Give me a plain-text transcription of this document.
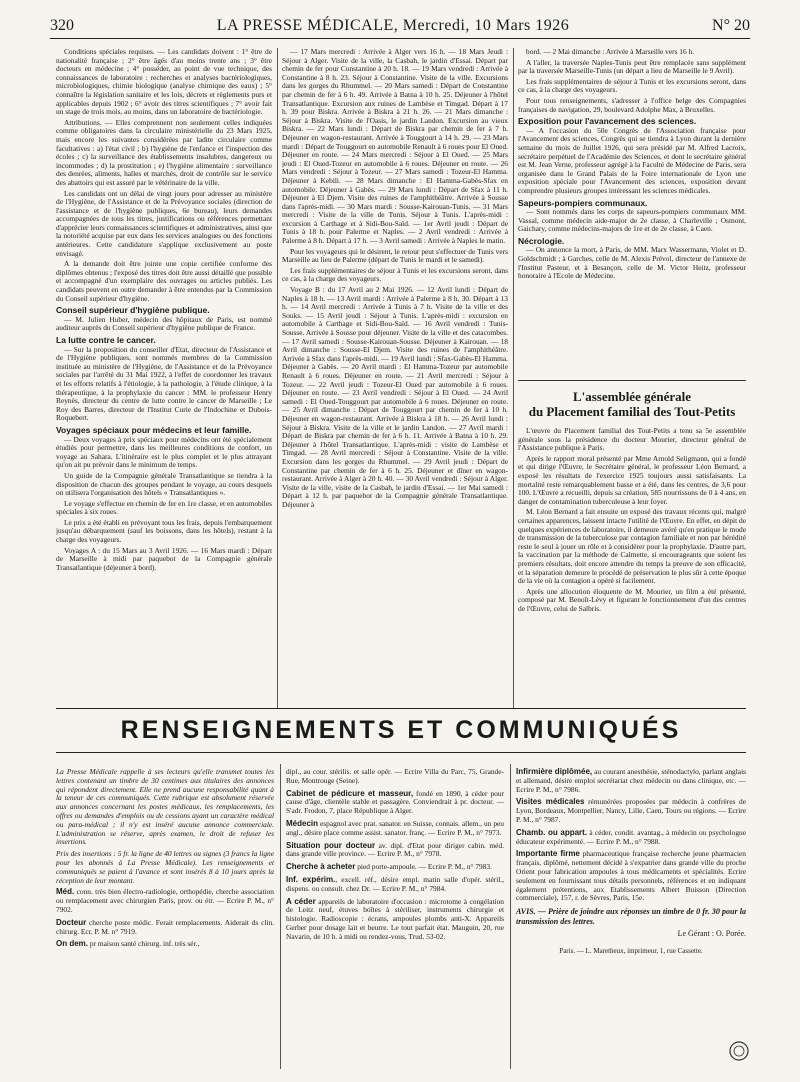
320	LA PRESSE MÉDICALE, Mercredi, 10 Mars 1926	N° 20

Conditions spéciales requises. — Les candidats doivent : 1° être de nationalité française ; 2° être âgés d'au moins trente ans ; 3° être docteurs en médecine ; 4° posséder, au point de vue technique, des connaissances de laboratoire : recherches et analyses bactériologiques, microbiologiques, chimie biologique (analyse chimique des eaux) ; 5° connaître la législation sanitaire et les lois, décrets et règlements purs et applicables depuis 1902 ; 6° avoir des titres scientifiques ; 7° avoir fait un stage de trois mois, au moins, dans un laboratoire de bactériologie.

Attributions. — Elles comprennent non seulement celles indiquées comme obligatoires dans la circulaire ministérielle du 23 Mars 1925, mais encore les suivantes considérées par ladite circulaire comme facultatives : a) l'état civil ; b) l'hygiène de l'enfance et l'inspection des écoles ; c) la surveillance des établissements insalubres, dangereux ou incommodes ; d) la prostitution ; e) l'hygiène alimentaire : surveillance des denrées, aliments, halles et marchés, droit de contrôle sur le service des abattoirs qui est assuré par le vétérinaire de la ville.

Les candidats ont un délai de vingt jours pour adresser au ministère de l'Hygiène, de l'Assistance et de la Prévoyance sociales (direction de l'assistance et de l'hygiène publiques, 6e bureau), leurs demandes accompagnées de tous les titres, justifications ou références permettant d'apprécier leurs connaissances scientifiques et administratives, ainsi que la notoriété acquise par eux dans les services analogues ou des fonctions antérieures. Cette candidature s'applique exclusivement au poste envisagé.

A la demande doit être jointe une copie certifiée conforme des diplômes obtenus ; l'exposé des titres doit être aussi détaillé que possible et accompagné d'un exemplaire des ouvrages ou articles publiés. Les candidats peuvent en outre demander à être entendus par la Commission du Conseil supérieur d'hygiène.

Conseil supérieur d'hygiène publique.

— M. Julien Huber, médecin des hôpitaux de Paris, est nommé auditeur auprès du Conseil supérieur d'hygiène publique de France.

La lutte contre le cancer.

— Sur la proposition du conseiller d'Etat, directeur de l'Assistance et de l'Hygiène publiques, sont nommés membres de la Commission instituée au ministère de l'Hygiène, de l'Assistance et de la Prévoyance sociales par l'arrêté du 31 Mai 1922, à l'effet de coordonner les travaux et les efforts relatifs à l'étiologie, à la pathologie, à l'étude clinique, à la thérapeutique, à la prophylaxie du cancer : MM. le professeur Henry Reynès, directeur du centre de lutte contre le cancer de Marseille ; Le Roy des Barres, directeur de l'Institut Curie de l'Indochine et Dubois-Roquebert.

Voyages spéciaux pour médecins et leur famille.

— Deux voyages à prix spéciaux pour médecins ont été spécialement étudiés pour permettre, dans les meilleures conditions de confort, un voyage au Sahara. L'itinéraire est le plus complet et le plus attrayant qu'on ait pu prévoir dans le minimum de temps.

Un guide de la Compagnie générale Transatlantique se tiendra à la disposition de chacun des groupes pendant le voyage, au cours desquels on utilisera l'organisation des hôtels « Transatlantiques ».

Le voyage s'effectue en chemin de fer en 1re classe, et en automobiles spéciales à six roues.

Le prix a été établi en prévoyant tous les frais, depuis l'embarquement jusqu'au débarquement (sauf les boissons, dans les hôtels), restant à la charge des voyageurs.

Voyages A : du 15 Mars au 3 Avril 1926. — 16 Mars mardi : Départ de Marseille à midi par paquebot de la Compagnie générale Transatlantique (déjeuner à bord).

— 17 Mars mercredi : Arrivée à Alger vers 16 h. — 18 Mars Jeudi : Séjour à Alger. Visite de la ville, la Casbah, le jardin d'Essai. Départ par chemin de fer pour Constantine à 20 h. 18. — 19 Mars vendredi : Arrivée à Constantine à 8 h. 23. Séjour à Constantine. Visite de la ville. Excursions dans les gorges du Rhummel. — 20 Mars samedi : Départ de Constantine par chemin de fer à 6 h. 49. Arrivée à Batna à 10 h. 25. Déjeuner à l'hôtel Transatlantique. Excursion aux ruines de Lambèse et Timgad. Départ à 17 h. 39 pour Biskra. Arrivée à Biskra à 21 h. 26. — 21 Mars dimanche : Séjour à Biskra. Visite de l'Oasis, le jardin Landon. Excursion au vieux Biskra. — 22 Mars lundi : Départ de Biskra par chemin de fer à 7 h. Déjeuner en wagon-restaurant. Arrivée à Touggourt à 14 h. 29. — 23 Mars mardi : Départ de Touggourt en automobile Renault à 6 roues pour El Oued. Déjeuner en route. — 24 Mars mercredi : Séjour à El Oued. — 25 Mars jeudi : El Oued-Tozeur en automobile à 6 roues. Déjeuner en route. — 26 Mars vendredi : Séjour à Tozeur. — 27 Mars samedi : Tozeur-El Hamma. Déjeuner à Kebili. — 28 Mars dimanche : El Hamma-Gabès-Sfax en automobile. Déjeuner à Gabès. — 29 Mars lundi : Départ de Sfax à 11 h. Déjeuner à El Djem. Visite des ruines de l'amphithéâtre. Arrivée à Sousse dans l'après-midi. — 30 Mars mardi : Sousse-Kairouan-Tunis. — 31 Mars mercredi : Visite de la ville de Tunis. Séjour à Tunis. L'après-midi : excursion à Carthage et à Sidi-Bou-Saïd. — 1er Avril jeudi : Départ de Tunis à 18 h. pour Palerme et Naples. — 2 Avril vendredi : Arrivée à Palerme à 8 h. Départ à 17 h. — 3 Avril samedi : Arrivée à Naples le matin.

Pour les voyageurs qui le désirent, le retour peut s'effectuer de Tunis vers Marseille au lieu de Palerme (départ de Tunis le mardi et le samedi).

Les frais supplémentaires de séjour à Tunis et les excursions seront, dans ce cas, à la charge des voyageurs.

Voyage B : du 17 Avril au 2 Mai 1926. — 12 Avril lundi : Départ de Naples à 18 h. — 13 Avril mardi : Arrivée à Palerme à 8 h. 30. Départ à 13 h. — 14 Avril mercredi : Arrivée à Tunis à 7 h. Visite de la ville et des Souks. — 15 Avril jeudi : Séjour à Tunis. L'après-midi : excursion en automobile à Carthage et Sidi-Bou-Saïd. — 16 Avril vendredi : Tunis-Sousse. Arrivée à Sousse pour déjeuner. Visite de la ville et des catacombes. — 17 Avril samedi : Sousse-Kairouan-Sousse. Déjeuner à Kairouan. — 18 Avril dimanche : Sousse-El Djem. Visite des ruines de l'amphithéâtre. Arrivée à Sfax dans l'après-midi. — 19 Avril lundi : Sfax-Gabès-El Hamma. Déjeuner à Gabès. — 20 Avril mardi : El Hamma-Tozeur par automobile Renault à 6 roues. Déjeuner en route. — 21 Avril mercredi : Séjour à Tozeur. — 22 Avril jeudi : Tozeur-El Oued par automobile à 6 roues. Déjeuner en route. — 23 Avril vendredi : Séjour à El Oued. — 24 Avril samedi : El Oued-Touggourt par automobile à 6 roues. Déjeuner en route. — 25 Avril dimanche : Départ de Touggourt par chemin de fer à 10 h. Déjeuner en wagon-restaurant. Arrivée à Biskra à 18 h. — 26 Avril lundi : Séjour à Biskra. Visite de la ville et le jardin Landon. — 27 Avril mardi : Départ de Biskra par chemin de fer à 6 h. 11. Arrivée à Batna à 10 h. 29. Déjeuner à l'hôtel Transatlantique. L'après-midi : visite de Lambèse et Timgad. — 28 Avril mercredi : Séjour à Constantine. Visite de la ville. Excursion dans les gorges du Rhummel. — 29 Avril jeudi : Départ de Constantine par chemin de fer à 6 h. 25. Déjeuner et dîner en wagon-restaurant. Arrivée à Alger à 20 h. 40. — 30 Avril vendredi : Séjour à Alger. Visite de la ville, visite de la Casbah, le jardin d'Essai. — 1er Mai samedi : Départ à 12 h. par paquebot de la Compagnie générale Transatlantique. Déjeuner à

bord. — 2 Mai dimanche : Arrivée à Marseille vers 16 h.

A l'aller, la traversée Naples-Tunis peut être remplacée sans supplément par la traversée Marseille-Tunis (un départ a lieu de Marseille le 9 Avril).

Les frais supplémentaires de séjour à Tunis et les excursions seront, dans ce cas, à la charge des voyageurs.

Pour tous renseignements, s'adresser à l'office belge des Compagnies françaises de navigation, 29, boulevard Adolphe Max, à Bruxelles.

Exposition pour l'avancement des sciences.

— A l'occasion du 50e Congrès de l'Association française pour l'Avancement des sciences, Congrès qui se tiendra à Lyon durant la dernière semaine du mois de Juillet 1926, qui sera présidé par M. Alfred Lacroix, secrétaire perpétuel de l'Académie des Sciences, et dont le secrétaire général est M. Jean Verne, professeur agrégé à la Faculté de Médecine de Paris, sera organisée dans le Grand Palais de la Foire internationale de Lyon une exposition spéciale pour l'Avancement des sciences, exposition devant comprendre plusieurs groupes intéressant les sciences médicales.

Sapeurs-pompiers communaux.

— Sont nommés dans les corps de sapeurs-pompiers communaux MM. Vassal, comme médecin aide-major de 2e classe, à Charleville ; Osmont, Gaichary, comme médecins-majors de 1re et de 2e classe, à Caen.

Nécrologie.

— On annonce la mort, à Paris, de MM. Marx Wassermann, Violet et D. Goldschmidt ; à Garches, celle de M. Alexis Prévol, directeur de l'annexe de l'Institut Pasteur, et à Besançon, celle de M. Victor Heitz, professeur honoraire à l'Ecole de Médecine.

L'assemblée générale
du Placement familial des Tout-Petits

L'œuvre du Placement familial des Tout-Petits a tenu sa 5e assemblée générale sous la présidence du docteur Mourier, directeur général de l'Assistance publique à Paris.

Après le rapport moral présenté par Mme Arnold Seligmann, qui a fondé et qui dirige l'Œuvre, le Secrétaire général, le professeur Léon Bernard, a exposé les résultats de l'exercice 1925 toujours aussi satisfaisants. La mortalité reste remarquablement basse et a été, dans les centres, de 3,6 pour 100. L'Œuvre a recueilli, depuis sa création, 585 nourrissons de 0 à 4 ans, en danger de contamination tuberculeuse à leur foyer.

M. Léon Bernard a fait ensuite un exposé des travaux récents qui, malgré certaines apparences, laissent intacte l'utilité de l'Œuvre. En effet, en dépit de quelques expériences de laboratoire, il demeure avéré qu'en pratique le mode de transmission de la tuberculose par contagion familiale et non par hérédité reste le seul à jouer un rôle et à considérer pour la prophylaxie. D'autre part, la vaccination par la méthode de Calmette, si encourageants que soient les premiers résultats, doit encore attendre du temps la preuve de son efficacité, et la séparation demeure le procédé de préservation le plus sûr à cette époque de la vie où la contagion a opéré si facilement.

Après une allocution éloquente de M. Mourier, un film a été présenté, composé par M. Benoît-Lévy et figurant le fonctionnement d'un des centres de l'Œuvre, celui de Salbris.

RENSEIGNEMENTS ET COMMUNIQUÉS

La Presse Médicale rappelle à ses lecteurs qu'elle transmet toutes les lettres contenant un timbre de 30 centimes aux titulaires des annonces qui répondent directement. Elle ne prend aucune responsabilité quant à la teneur de ces communiqués. Cette rubrique est absolument réservée aux annonces concernant les postes médicaux, les remplacements, les offres ou demandes d'emplois ou de cessions ayant un caractère médical ou para-médical ; il n'y est inséré aucune annonce commerciale. L'administration se réserve, après examen, le droit de refuser les insertions.

Prix des insertions : 5 fr. la ligne de 40 lettres ou signes (3 francs la ligne pour les abonnés à La Presse Médicale). Les renseignements et communiqués se paient à l'avance et sont insérés 8 à 10 jours après la réception de leur montant.

Méd. conn. très bien électro-radiologie, orthopédie, cherche association ou remplacement avec chirurgien Paris, prov. ou étr. — Ecrire P. M., n° 7902.

Docteur cherche poste médic. Ferait remplacements. Aiderait ds clin. chirurg. Ecr. P. M. n° 7919.

On dem. pr maison santé chirurg. inf. très sér.,

dipl., au cour. stérilis. et salle opér. — Ecrire Villa du Parc, 75, Grande-Rue, Montrouge (Seine).

Cabinet de pédicure et masseur, fondé en 1890, à céder pour cause d'âge, clientèle stable et passagère. Conviendrait à pr. docteur. — S'adr. Frodon, 7, place République à Alger.

Médecin espagnol avec prat. sanator. en Suisse, connais. allem., un peu angl., désire place comme assist. sanator. franç. — Ecrire P. M., n° 7973.

Situation pour docteur av. dipl. d'Etat pour diriger cabin. méd. dans grande ville province. — Ecrire P. M., n° 7978.

Cherche à acheter pied porte-ampoule. — Ecrire P. M., n° 7983.

Inf. expérim., excell. réf., désire empl. matin salle d'opér. stéril., dispens. ou consult. chez Dr. — Ecrire P. M., n° 7984.

A céder appareils de laboratoire d'occasion : microtome à congélation de Leitz neuf, étuves boîtes à stériliser, instruments chirurgie et histologie. Radioscopie : écrans, ampoules plombs anti-X. Appareils Gerber pour dosage lait et beurre. Le tout parfait état. Mauguin, 20, rue Navarin, de 10 h. à midi ou rendez-vous, Trud. 53-02.

Infirmière diplômée, au courant anesthésie, sténodactylo, parlant anglais et allemand, désire emploi secrétariat chez médecin ou dans clinique, etc. — Ecrire P. M., n° 7986.

Visites médicales rémunérées proposées par médecin à confrères de Lyon, Bordeaux, Montpellier, Nancy, Lille, Caen, Tours ou régions. — Ecrire P. M., n° 7987.

Chamb. ou appart. à céder, condit. avantag., à médecin ou psychologue éducateur expérimenté. — Ecrire P. M., n° 7988.

Importante firme pharmaceutique française recherche jeune pharmacien français, diplômé, nettement décidé à s'expatrier dans grande ville du proche Orient pour fabrication ampoules à tous médicaments et spécialités. Ecrire seulement en fournissant tous détails personnels, références et en indiquant également prétentions, aux Etablissements Albert Buisson (Direction commerciale), 157, r. de Sèvres, Paris, 15e.

AVIS. — Prière de joindre aux réponses un timbre de 0 fr. 30 pour la transmission des lettres.
Le Gérant : O. Porée.
Paris. — L. Maretheux, imprimeur, 1, rue Cassette.
